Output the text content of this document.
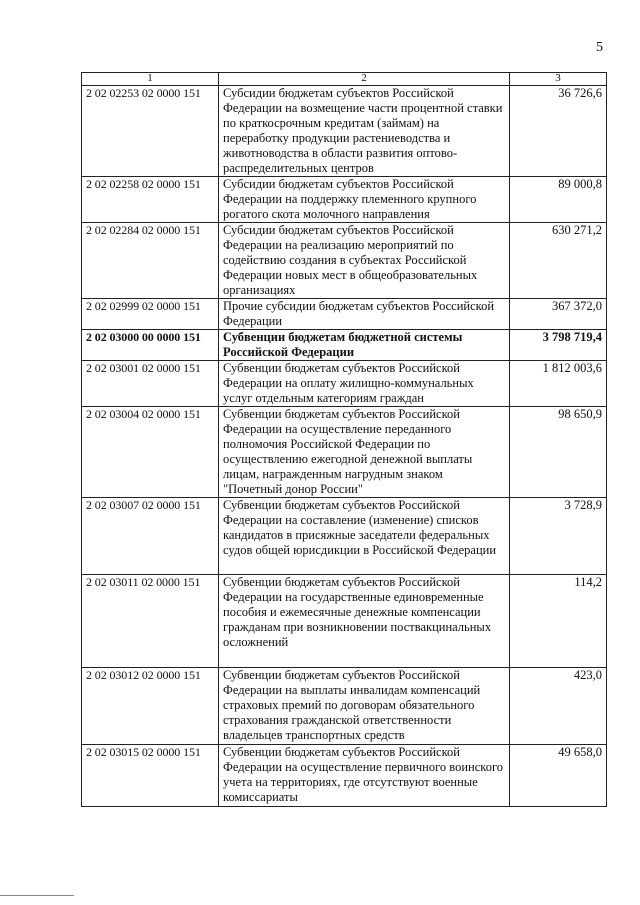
5
1	2	3
2 02 02253 02 0000 151	Субсидии бюджетам субъектов Российской Федерации на возмещение части процентной ставки по краткосрочным кредитам (займам) на переработку продукции растениеводства и животноводства в области развития оптово-распределительных центров	36 726,6
2 02 02258 02 0000 151	Субсидии бюджетам субъектов Российской Федерации на поддержку племенного крупного рогатого скота молочного направления	89 000,8
2 02 02284 02 0000 151	Субсидии бюджетам субъектов Российской Федерации на реализацию мероприятий по содействию создания в субъектах Российской Федерации новых мест в общеобразовательных организациях	630 271,2
2 02 02999 02 0000 151	Прочие субсидии бюджетам субъектов Российской Федерации	367 372,0
2 02 03000 00 0000 151	Субвенции бюджетам бюджетной системы Российской Федерации	3 798 719,4
2 02 03001 02 0000 151	Субвенции бюджетам субъектов Российской Федерации на оплату жилищно-коммунальных услуг отдельным категориям граждан	1 812 003,6
2 02 03004 02 0000 151	Субвенции бюджетам субъектов Российской Федерации на осуществление переданного полномочия Российской Федерации по осуществлению ежегодной денежной выплаты лицам, награжденным нагрудным знаком "Почетный донор России"	98 650,9
2 02 03007 02 0000 151	Субвенции бюджетам субъектов Российской Федерации на составление (изменение) списков кандидатов в присяжные заседатели федеральных судов общей юрисдикции в Российской Федерации	3 728,9
2 02 03011 02 0000 151	Субвенции бюджетам субъектов Российской Федерации на государственные единовременные пособия и ежемесячные денежные компенсации гражданам при возникновении поствакцинальных осложнений	114,2
2 02 03012 02 0000 151	Субвенции бюджетам субъектов Российской Федерации на выплаты инвалидам компенсаций страховых премий по договорам обязательного страхования гражданской ответственности владельцев транспортных средств	423,0
2 02 03015 02 0000 151	Субвенции бюджетам субъектов Российской Федерации на осуществление первичного воинского учета на территориях, где отсутствуют военные комиссариаты	49 658,0
